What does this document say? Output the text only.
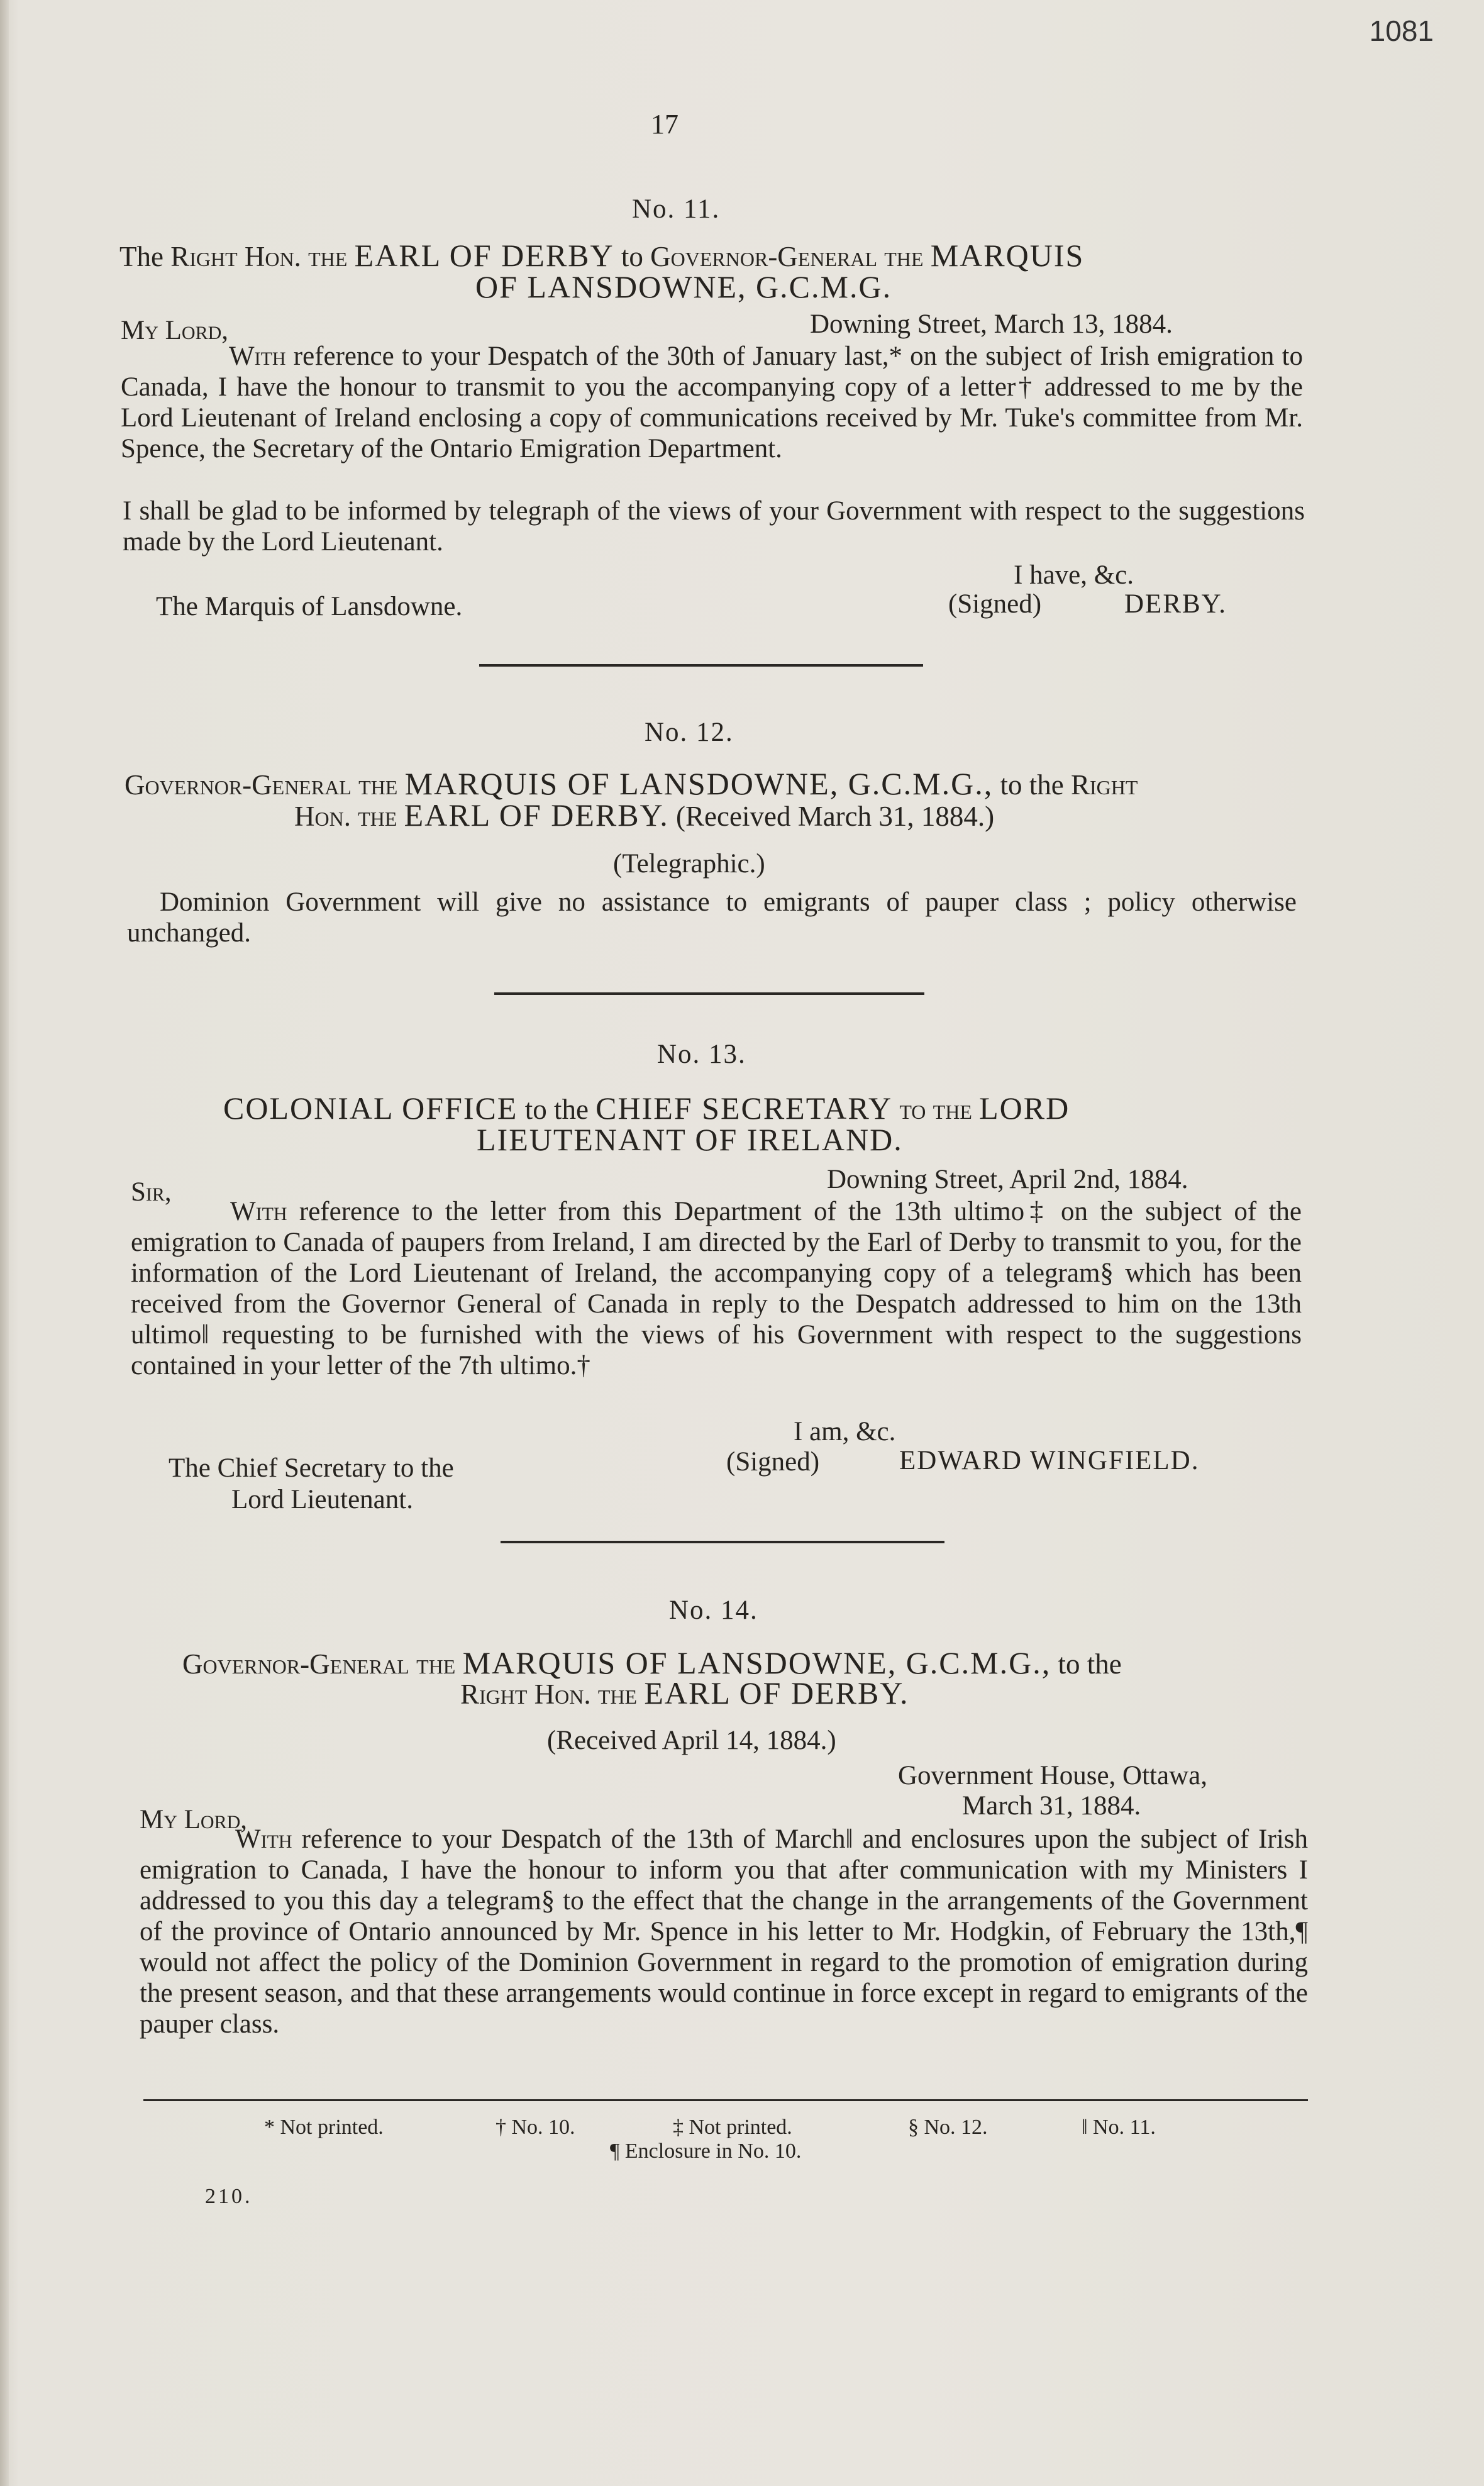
1081
17
No. 11.
The Right Hon. the EARL OF DERBY to Governor-General the MARQUIS
OF LANSDOWNE, G.C.M.G.
My Lord,	Downing Street, March 13, 1884.
With reference to your Despatch of the 30th of January last,* on the subject of Irish emigration to Canada, I have the honour to transmit to you the accompanying copy of a letter† addressed to me by the Lord Lieutenant of Ireland enclosing a copy of communications received by Mr. Tuke's committee from Mr. Spence, the Secretary of the Ontario Emigration Department.
I shall be glad to be informed by telegraph of the views of your Government with respect to the suggestions made by the Lord Lieutenant.
I have, &c.
The Marquis of Lansdowne.	(Signed)	DERBY.
No. 12.
Governor-General the MARQUIS OF LANSDOWNE, G.C.M.G., to the Right
Hon. the EARL OF DERBY. (Received March 31, 1884.)
(Telegraphic.)
Dominion Government will give no assistance to emigrants of pauper class ; policy otherwise unchanged.
No. 13.
COLONIAL OFFICE to the CHIEF SECRETARY to the LORD
LIEUTENANT OF IRELAND.
Sir,	Downing Street, April 2nd, 1884.
With reference to the letter from this Department of the 13th ultimo‡ on the subject of the emigration to Canada of paupers from Ireland, I am directed by the Earl of Derby to transmit to you, for the information of the Lord Lieutenant of Ireland, the accompanying copy of a telegram§ which has been received from the Governor General of Canada in reply to the Despatch addressed to him on the 13th ultimo‖ requesting to be furnished with the views of his Government with respect to the suggestions contained in your letter of the 7th ultimo.†
I am, &c.
The Chief Secretary to the
Lord Lieutenant.
(Signed)	EDWARD WINGFIELD.
No. 14.
Governor-General the MARQUIS OF LANSDOWNE, G.C.M.G., to the
Right Hon. the EARL OF DERBY.
(Received April 14, 1884.)
Government House, Ottawa,
March 31, 1884.
My Lord,
With reference to your Despatch of the 13th of March‖ and enclosures upon the subject of Irish emigration to Canada, I have the honour to inform you that after communication with my Ministers I addressed to you this day a telegram§ to the effect that the change in the arrangements of the Government of the province of Ontario announced by Mr. Spence in his letter to Mr. Hodgkin, of February the 13th,¶ would not affect the policy of the Dominion Government in regard to the promotion of emigration during the present season, and that these arrangements would continue in force except in regard to emigrants of the pauper class.
* Not printed.	† No. 10.	‡ Not printed.	§ No. 12.	‖ No. 11.
¶ Enclosure in No. 10.
210.
